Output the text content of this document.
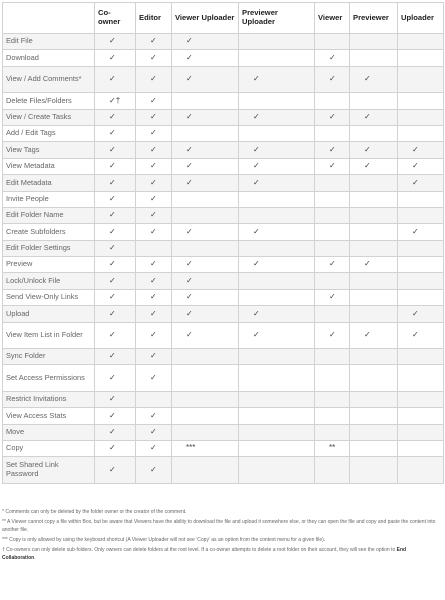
	Co-owner	Editor	Viewer Uploader	Previewer Uploader	Viewer	Previewer	Uploader
Edit File	✓	✓	✓				
Download	✓	✓	✓		✓		
View / Add Comments*	✓	✓	✓	✓	✓	✓	
Delete Files/Folders	✓†	✓					
View / Create Tasks	✓	✓	✓	✓	✓	✓	
Add / Edit Tags	✓	✓					
View Tags	✓	✓	✓	✓	✓	✓	✓
View Metadata	✓	✓	✓	✓	✓	✓	✓
Edit Metadata	✓	✓	✓	✓			✓
Invite People	✓	✓					
Edit Folder Name	✓	✓					
Create Subfolders	✓	✓	✓	✓			✓
Edit Folder Settings	✓						
Preview	✓	✓	✓	✓	✓	✓	
Lock/Unlock File	✓	✓	✓				
Send View-Only Links	✓	✓	✓		✓		
Upload	✓	✓	✓	✓			✓
View Item List in Folder	✓	✓	✓	✓	✓	✓	✓
Sync Folder	✓	✓					
Set Access Permissions	✓	✓					
Restrict Invitations	✓						
View Access Stats	✓	✓					
Move	✓	✓					
Copy	✓	✓	***		**		
Set Shared Link Password	✓	✓					

* Comments can only be deleted by the folder owner or the creator of the comment.

** A Viewer cannot copy a file within Box, but be aware that Viewers have the ability to download the file and upload it somewhere else, or they can open the file and copy and paste the content into another file.

*** Copy is only allowed by using the keyboard shortcut (A Viewer Uploader will not see ‘Copy’ as an option from the context menu for a given file).

† Co-owners can only delete sub-folders. Only owners can delete folders at the root level. If a co-owner attempts to delete a root folder on their account, they will see the option to End Collaboration.
